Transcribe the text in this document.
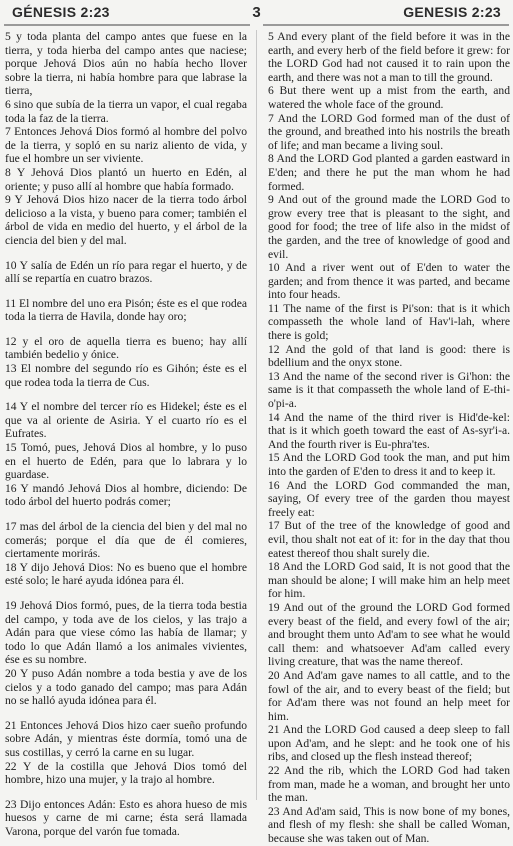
GÉNESIS 2:23	3	GENESIS 2:23

5 y toda planta del campo antes que fuese en la tierra, y toda hierba del campo antes que naciese; porque Jehová Dios aún no había hecho llover sobre la tierra, ni había hombre para que labrase la tierra,

6 sino que subía de la tierra un vapor, el cual regaba toda la faz de la tierra.

7 Entonces Jehová Dios formó al hombre del polvo de la tierra, y sopló en su nariz aliento de vida, y fue el hombre un ser viviente.

8 Y Jehová Dios plantó un huerto en Edén, al oriente; y puso allí al hombre que había formado.

9 Y Jehová Dios hizo nacer de la tierra todo árbol delicioso a la vista, y bueno para comer; también el árbol de vida en medio del huerto, y el árbol de la ciencia del bien y del mal.

10 Y salía de Edén un río para regar el huerto, y de allí se repartía en cuatro brazos.

11 El nombre del uno era Pisón; éste es el que rodea toda la tierra de Havila, donde hay oro;

12 y el oro de aquella tierra es bueno; hay allí también bedelio y ónice.

13 El nombre del segundo río es Gihón; éste es el que rodea toda la tierra de Cus.

14 Y el nombre del tercer río es Hidekel; éste es el que va al oriente de Asiria. Y el cuarto río es el Eufrates.

15 Tomó, pues, Jehová Dios al hombre, y lo puso en el huerto de Edén, para que lo labrara y lo guardase.

16 Y mandó Jehová Dios al hombre, diciendo: De todo árbol del huerto podrás comer;

17 mas del árbol de la ciencia del bien y del mal no comerás; porque el día que de él comieres, ciertamente morirás.

18 Y dijo Jehová Dios: No es bueno que el hombre esté solo; le haré ayuda idónea para él.

19 Jehová Dios formó, pues, de la tierra toda bestia del campo, y toda ave de los cielos, y las trajo a Adán para que viese cómo las había de llamar; y todo lo que Adán llamó a los animales vivientes, ése es su nombre.

20 Y puso Adán nombre a toda bestia y ave de los cielos y a todo ganado del campo; mas para Adán no se halló ayuda idónea para él.

21 Entonces Jehová Dios hizo caer sueño profundo sobre Adán, y mientras éste dormía, tomó una de sus costillas, y cerró la carne en su lugar.

22 Y de la costilla que Jehová Dios tomó del hombre, hizo una mujer, y la trajo al hombre.

23 Dijo entonces Adán: Esto es ahora hueso de mis huesos y carne de mi carne; ésta será llamada Varona, porque del varón fue tomada.

5 And every plant of the field before it was in the earth, and every herb of the field before it grew: for the LORD God had not caused it to rain upon the earth, and there was not a man to till the ground.

6 But there went up a mist from the earth, and watered the whole face of the ground.

7 And the LORD God formed man of the dust of the ground, and breathed into his nostrils the breath of life; and man became a living soul.

8 And the LORD God planted a garden eastward in E'den; and there he put the man whom he had formed.

9 And out of the ground made the LORD God to grow every tree that is pleasant to the sight, and good for food; the tree of life also in the midst of the garden, and the tree of knowledge of good and evil.

10 And a river went out of E'den to water the garden; and from thence it was parted, and became into four heads.

11 The name of the first is Pi'son: that is it which compasseth the whole land of Hav'i-lah, where there is gold;

12 And the gold of that land is good: there is bdellium and the onyx stone.

13 And the name of the second river is Gi'hon: the same is it that compasseth the whole land of E-thi-o'pi-a.

14 And the name of the third river is Hid'de-kel: that is it which goeth toward the east of As-syr'i-a. And the fourth river is Eu-phra'tes.

15 And the LORD God took the man, and put him into the garden of E'den to dress it and to keep it.

16 And the LORD God commanded the man, saying, Of every tree of the garden thou mayest freely eat:

17 But of the tree of the knowledge of good and evil, thou shalt not eat of it: for in the day that thou eatest thereof thou shalt surely die.

18 And the LORD God said, It is not good that the man should be alone; I will make him an help meet for him.

19 And out of the ground the LORD God formed every beast of the field, and every fowl of the air; and brought them unto Ad'am to see what he would call them: and whatsoever Ad'am called every living creature, that was the name thereof.

20 And Ad'am gave names to all cattle, and to the fowl of the air, and to every beast of the field; but for Ad'am there was not found an help meet for him.

21 And the LORD God caused a deep sleep to fall upon Ad'am, and he slept: and he took one of his ribs, and closed up the flesh instead thereof;

22 And the rib, which the LORD God had taken from man, made he a woman, and brought her unto the man.

23 And Ad'am said, This is now bone of my bones, and flesh of my flesh: she shall be called Woman, because she was taken out of Man.
